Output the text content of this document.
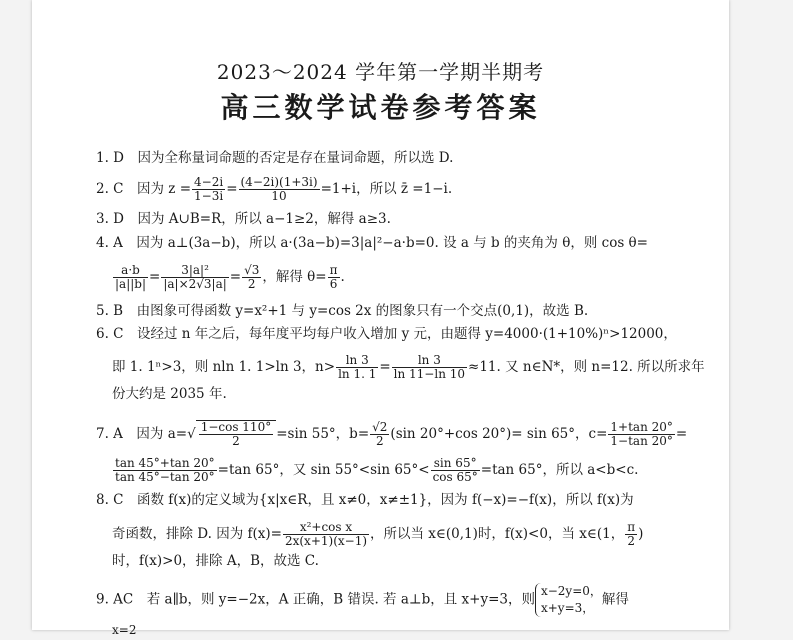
2023～2024 学年第一学期半期考
高三数学试卷参考答案
1. D　因为全称量词命题的否定是存在量词命题，所以选 D.
2. C　因为 $z = \frac{4-2i}{1-3i} = \frac{(4-2i)(1+3i)}{10} =1+i$，所以 z̄ =1−i.
3. D　因为 A∪B=R，所以 a−1≥2，解得 a≥3.
4. A　因为 a⊥(3a−b)，所以 a·(3a−b)=3|a|²−a·b=0. 设 a 与 b 的夹角为 θ，则 cos θ=
$\frac{a\cdot b}{|a||b|} = \frac{\text{3|a|²}}{|a|\times 2√3|a|} = \frac{√3}{2}$ ，解得 $\theta= \frac{\pi}{6}$ .
5. B　由图象可得函数 y=x²+1 与 y=cos 2x 的图象只有一个交点(0,1)，故选 B.
6. C　设经过 n 年之后，每年度平均每户收入增加 y 元，由题得 y=4000·(1+10%)ⁿ>12000，
即 1. 1ⁿ>3，则 nln 1. 1>ln 3，$n> \frac{\ln 3}{\ln 1. 1} = \frac{\ln 3}{\ln 11-\ln 10} \approx 11$. 又 n∈N*，则 n=12. 所以所求年
份大约是 2035 年.
7. A　因为 $a=√ \frac{1-\cos 110^\circ}{2} =\sin$ 55°，$b= \frac{√2}{2} (\sin$ 20°+cos 20°)= sin 65°，$c= \frac{1+\tan 20^\circ}{1-\tan 20^\circ}$ =
$\frac{\tan 45^\circ+\tan 20^\circ}{\tan 45^\circ-\tan 20^\circ} =\tan$ 65°，又 sin 55°<sin $65^\circ< \frac{\sin 65^\circ}{\cos 65^\circ} =\tan$ 65°，所以 a<b<c.
8. C　函数 f(x)的定义域为{x|x∈R，且 x≠0，x≠±1}，因为 f(−x)=−f(x)，所以 f(x)为
奇函数，排除 D. 因为 $f(x)= \frac{\text{x²+cos x}}{2x(x+1)(x-1)}$ ，所以当 x∈(0,1)时，f(x)<0，当 x∈(1， $\frac{\pi}{2}$ )
时，f(x)>0，排除 A，B，故选 C.
9. AC　若 a∥b，则 y=−2x，A 正确，B 错误. 若 a⊥b，且 x+y=3，则
x−2y=0，
x+y=3，
解得
x=2
